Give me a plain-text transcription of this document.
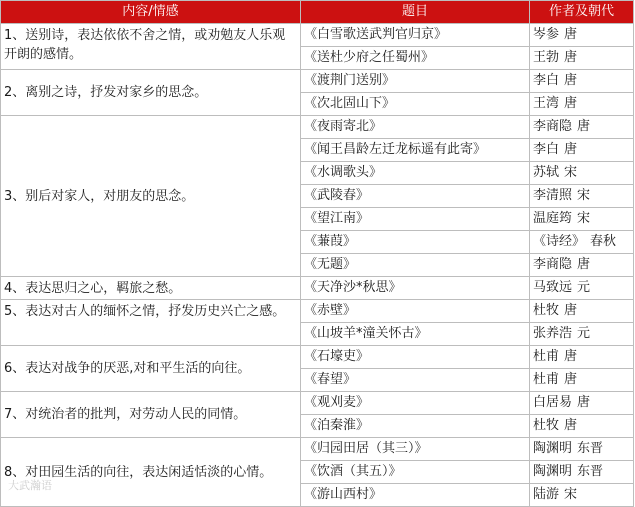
内容/情感	题目	作者及朝代
1、送别诗，表达依依不舍之情，或劝勉友人乐观开朗的感情。	《白雪歌送武判官归京》	岑参 唐
	《送杜少府之任蜀州》	王勃 唐
2、离别之诗，抒发对家乡的思念。	《渡荆门送别》	李白 唐
	《次北固山下》	王湾 唐
3、别后对家人，对朋友的思念。	《夜雨寄北》	李商隐 唐
	《闻王昌龄左迁龙标遥有此寄》	李白 唐
	《水调歌头》	苏轼 宋
	《武陵春》	李清照 宋
	《望江南》	温庭筠 宋
	《蒹葭》	《诗经》 春秋
	《无题》	李商隐 唐
4、表达思归之心，羁旅之愁。	《天净沙*秋思》	马致远 元
5、表达对古人的缅怀之情，抒发历史兴亡之感。	《赤壁》	杜牧 唐
	《山坡羊*潼关怀古》	张养浩 元
6、表达对战争的厌恶,对和平生活的向往。	《石壕吏》	杜甫 唐
	《春望》	杜甫 唐
7、对统治者的批判，对劳动人民的同情。	《观刈麦》	白居易 唐
	《泊秦淮》	杜牧 唐
8、对田园生活的向往，表达闲适恬淡的心情。	《归园田居（其三）》	陶渊明 东晋
	《饮酒（其五）》	陶渊明 东晋
	《游山西村》	陆游 宋
大武瀚语
